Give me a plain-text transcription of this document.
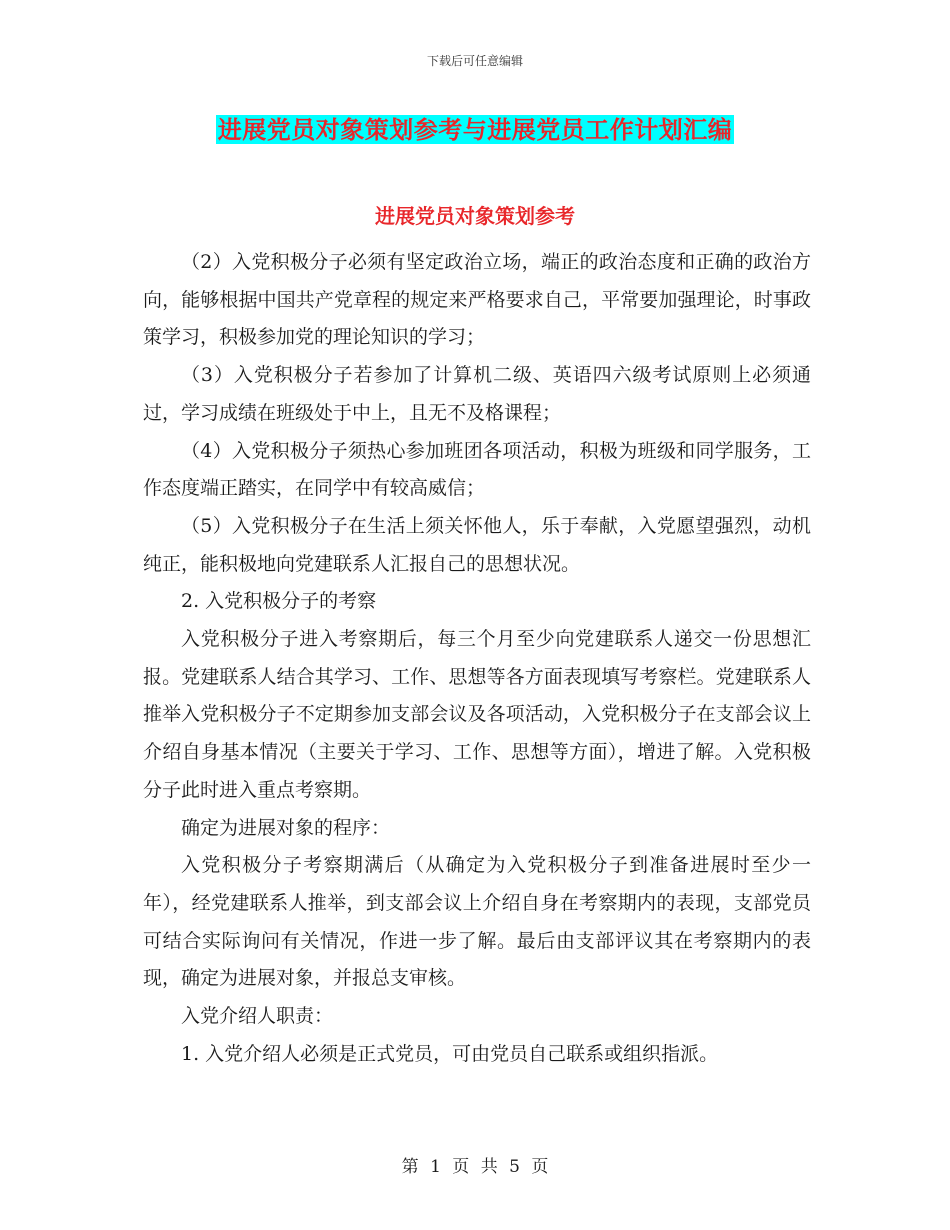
下载后可任意编辑
进展党员对象策划参考与进展党员工作计划汇编
进展党员对象策划参考

（2）入党积极分子必须有坚定政治立场，端正的政治态度和正确的政治方向，能够根据中国共产党章程的规定来严格要求自己，平常要加强理论，时事政策学习，积极参加党的理论知识的学习；

（3）入党积极分子若参加了计算机二级、英语四六级考试原则上必须通过，学习成绩在班级处于中上，且无不及格课程；

（4）入党积极分子须热心参加班团各项活动，积极为班级和同学服务，工作态度端正踏实，在同学中有较高威信；

（5）入党积极分子在生活上须关怀他人，乐于奉献，入党愿望强烈，动机纯正，能积极地向党建联系人汇报自己的思想状况。

2. 入党积极分子的考察

入党积极分子进入考察期后，每三个月至少向党建联系人递交一份思想汇报。党建联系人结合其学习、工作、思想等各方面表现填写考察栏。党建联系人推举入党积极分子不定期参加支部会议及各项活动，入党积极分子在支部会议上介绍自身基本情况（主要关于学习、工作、思想等方面），增进了解。入党积极分子此时进入重点考察期。

确定为进展对象的程序：

入党积极分子考察期满后（从确定为入党积极分子到准备进展时至少一年），经党建联系人推举，到支部会议上介绍自身在考察期内的表现，支部党员可结合实际询问有关情况，作进一步了解。最后由支部评议其在考察期内的表现，确定为进展对象，并报总支审核。

入党介绍人职责：

1. 入党介绍人必须是正式党员，可由党员自己联系或组织指派。

第 1 页 共 5 页
